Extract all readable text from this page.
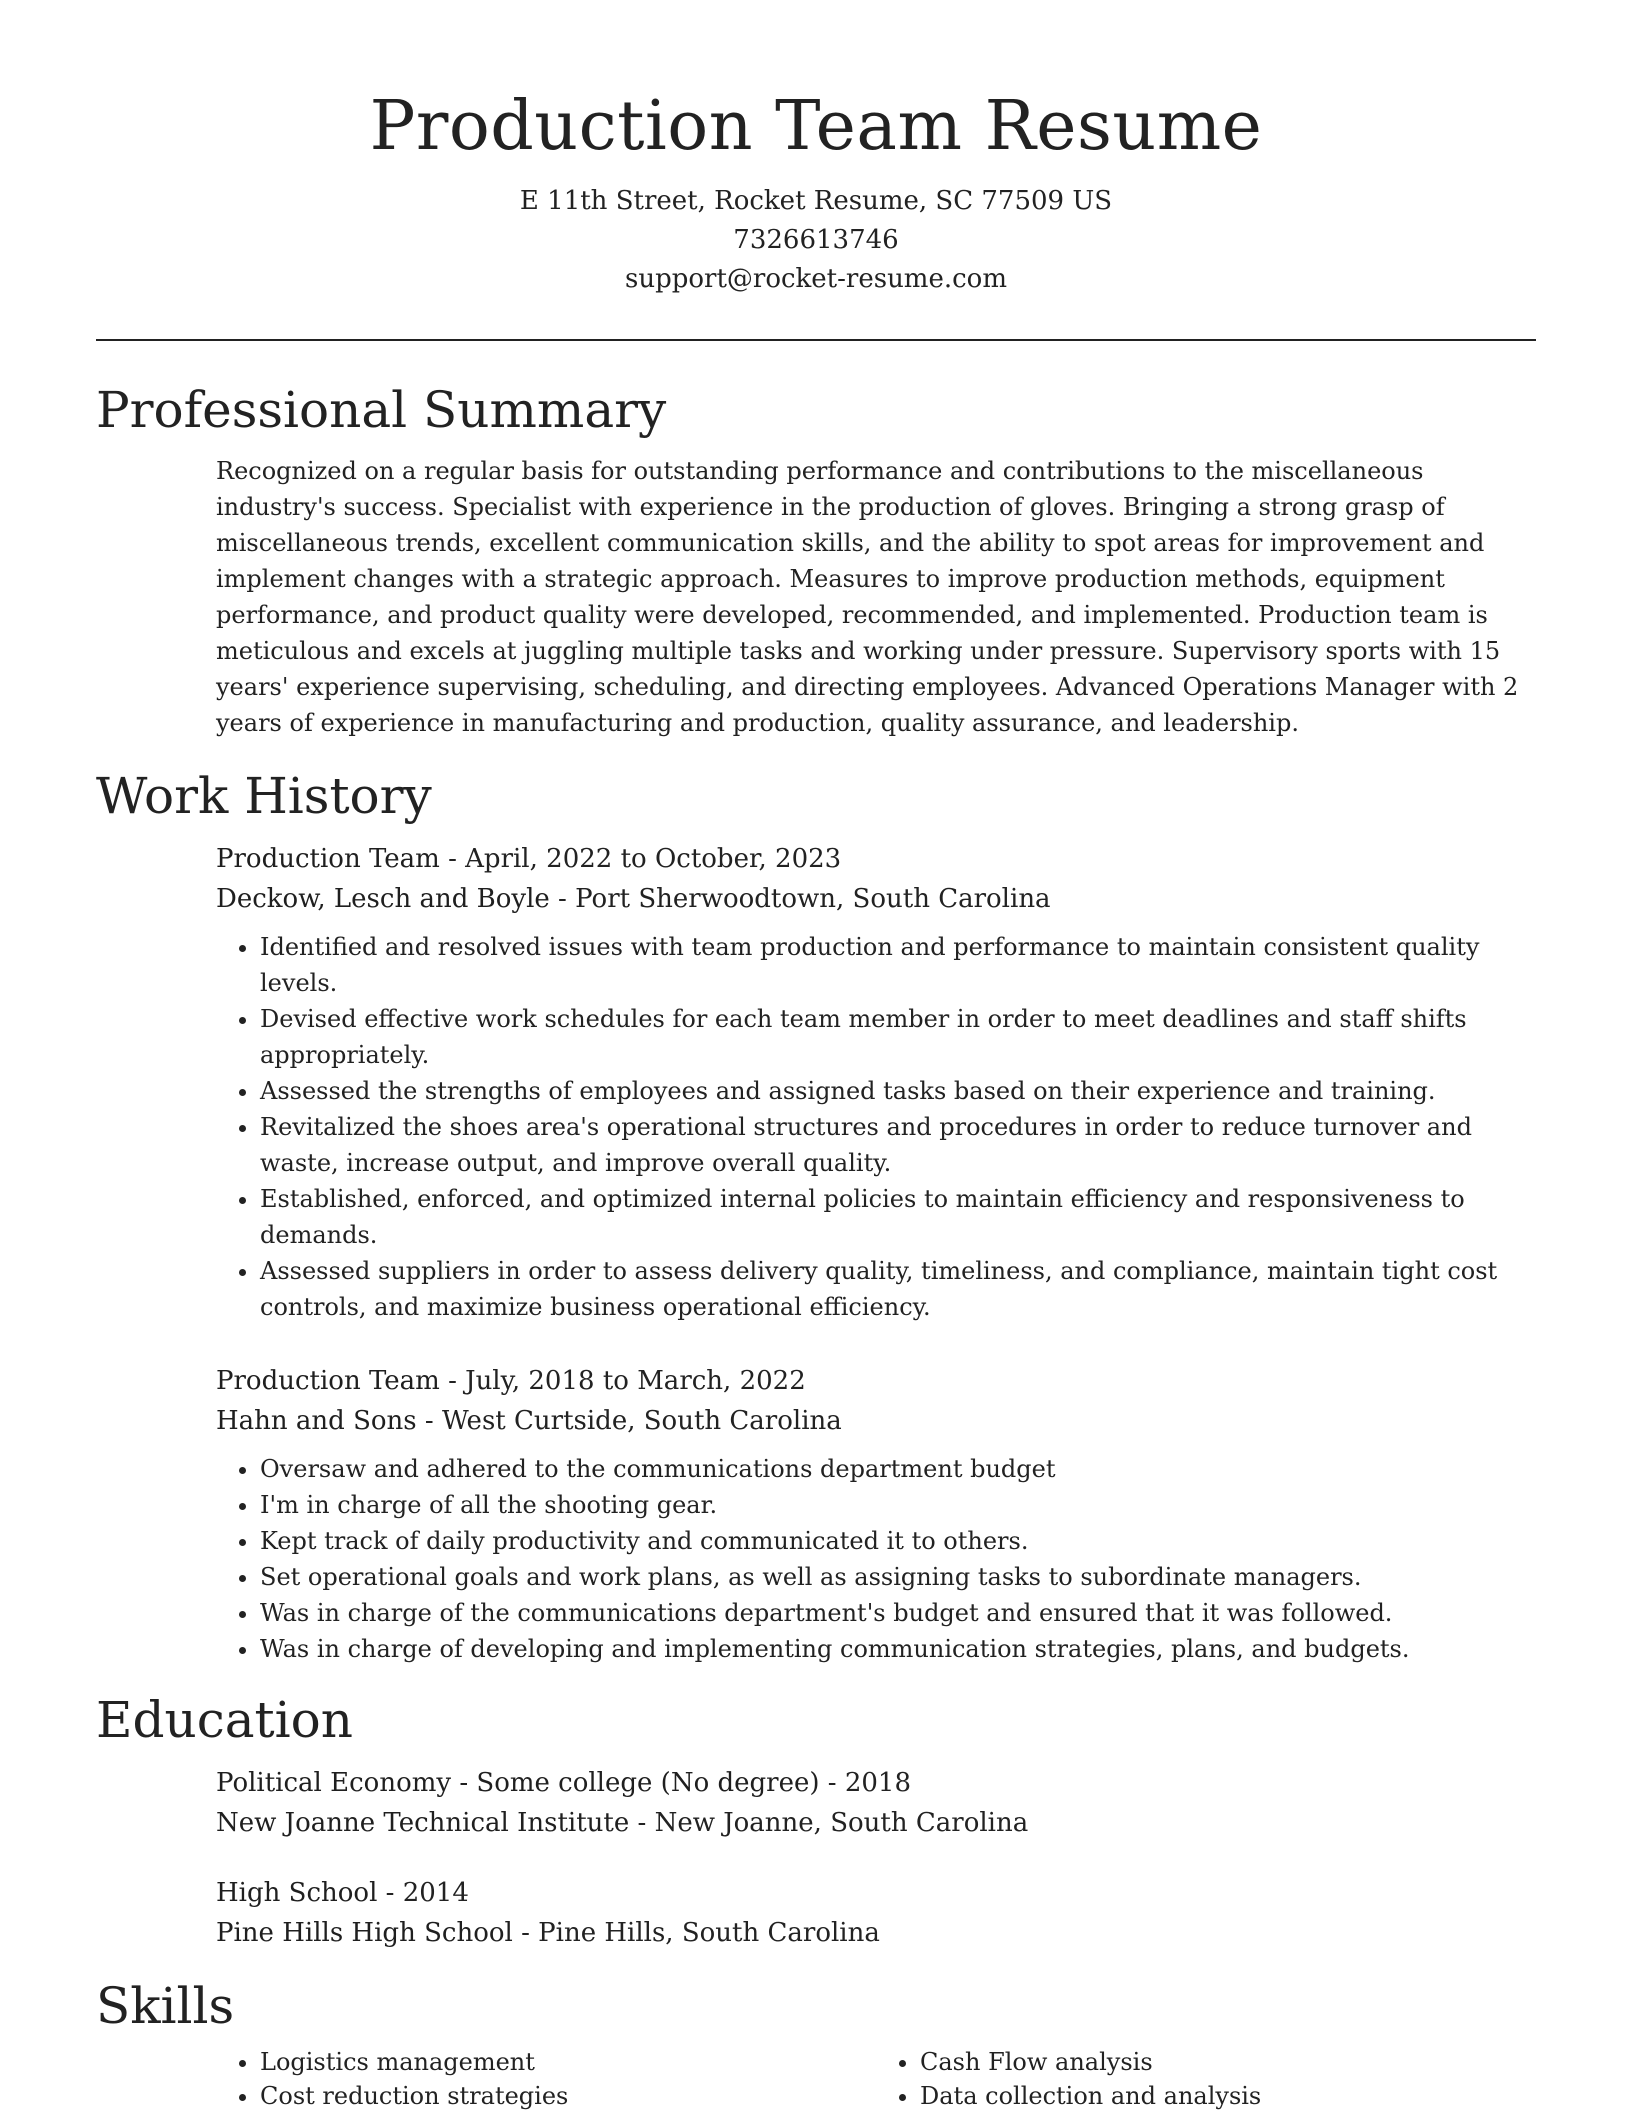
Production Team Resume
E 11th Street, Rocket Resume, SC 77509 US
7326613746
support@rocket-resume.com
Professional Summary
Recognized on a regular basis for outstanding performance and contributions to the miscellaneous industry's success. Specialist with experience in the production of gloves. Bringing a strong grasp of miscellaneous trends, excellent communication skills, and the ability to spot areas for improvement and implement changes with a strategic approach. Measures to improve production methods, equipment performance, and product quality were developed, recommended, and implemented. Production team is meticulous and excels at juggling multiple tasks and working under pressure. Supervisory sports with 15 years' experience supervising, scheduling, and directing employees. Advanced Operations Manager with 2 years of experience in manufacturing and production, quality assurance, and leadership.
Work History
Production Team - April, 2022 to October, 2023
Deckow, Lesch and Boyle - Port Sherwoodtown, South Carolina
• Identified and resolved issues with team production and performance to maintain consistent quality levels.
• Devised effective work schedules for each team member in order to meet deadlines and staff shifts appropriately.
• Assessed the strengths of employees and assigned tasks based on their experience and training.
• Revitalized the shoes area's operational structures and procedures in order to reduce turnover and waste, increase output, and improve overall quality.
• Established, enforced, and optimized internal policies to maintain efficiency and responsiveness to demands.
• Assessed suppliers in order to assess delivery quality, timeliness, and compliance, maintain tight cost controls, and maximize business operational efficiency.
Production Team - July, 2018 to March, 2022
Hahn and Sons - West Curtside, South Carolina
• Oversaw and adhered to the communications department budget
• I'm in charge of all the shooting gear.
• Kept track of daily productivity and communicated it to others.
• Set operational goals and work plans, as well as assigning tasks to subordinate managers.
• Was in charge of the communications department's budget and ensured that it was followed.
• Was in charge of developing and implementing communication strategies, plans, and budgets.
Education
Political Economy - Some college (No degree) - 2018
New Joanne Technical Institute - New Joanne, South Carolina
High School - 2014
Pine Hills High School - Pine Hills, South Carolina
Skills
• Logistics management
• Cost reduction strategies
• Cash Flow analysis
• Data collection and analysis
